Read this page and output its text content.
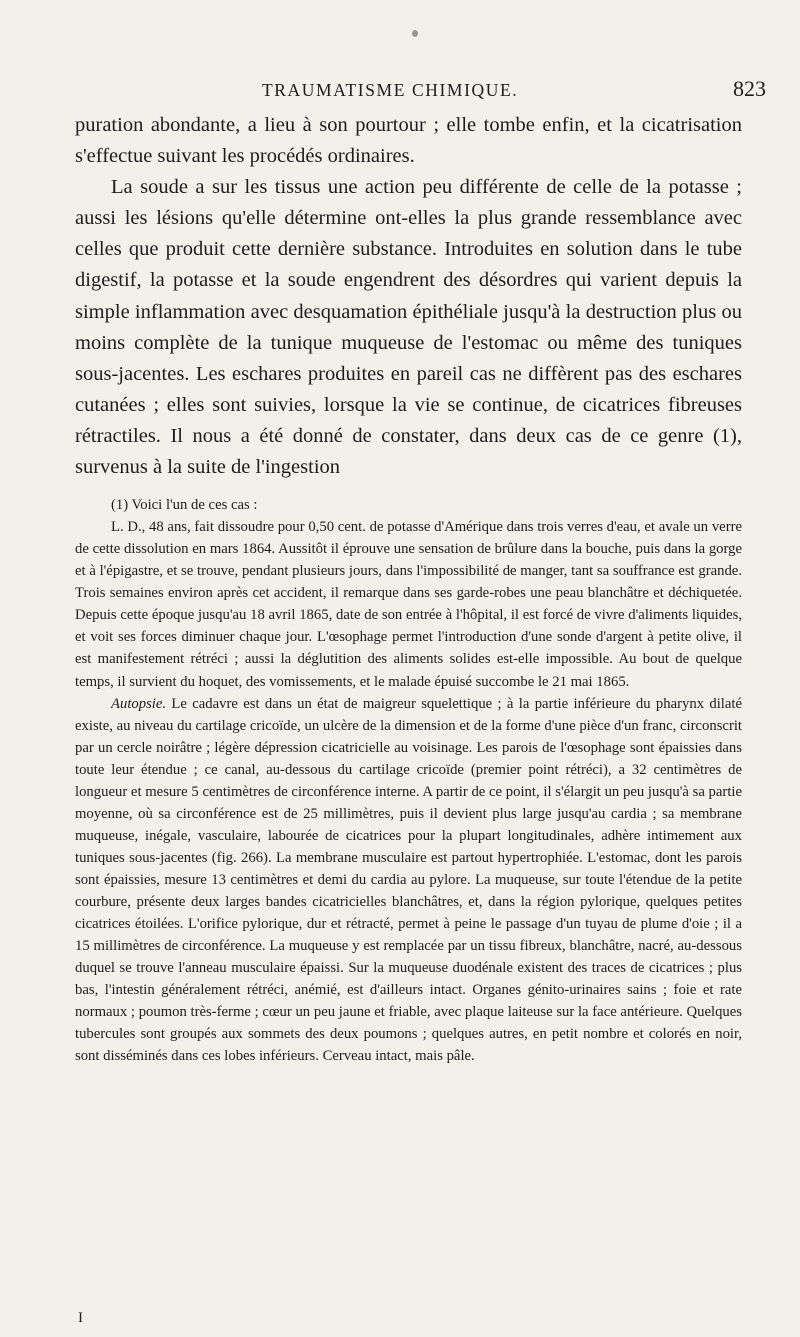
TRAUMATISME CHIMIQUE.	823

puration abondante, a lieu à son pourtour ; elle tombe enfin, et la cicatrisation s'effectue suivant les procédés ordinaires.

La soude a sur les tissus une action peu différente de celle de la potasse ; aussi les lésions qu'elle détermine ont-elles la plus grande ressemblance avec celles que produit cette dernière substance. Introduites en solution dans le tube digestif, la potasse et la soude engendrent des désordres qui varient depuis la simple inflammation avec desquamation épithéliale jusqu'à la destruction plus ou moins complète de la tunique muqueuse de l'estomac ou même des tuniques sous-jacentes. Les eschares produites en pareil cas ne diffèrent pas des eschares cutanées ; elles sont suivies, lorsque la vie se continue, de cicatrices fibreuses rétractiles. Il nous a été donné de constater, dans deux cas de ce genre (1), survenus à la suite de l'ingestion

(1) Voici l'un de ces cas :

L. D., 48 ans, fait dissoudre pour 0,50 cent. de potasse d'Amérique dans trois verres d'eau, et avale un verre de cette dissolution en mars 1864. Aussitôt il éprouve une sensation de brûlure dans la bouche, puis dans la gorge et à l'épigastre, et se trouve, pendant plusieurs jours, dans l'impossibilité de manger, tant sa souffrance est grande. Trois semaines environ après cet accident, il remarque dans ses garde-robes une peau blanchâtre et déchiquetée. Depuis cette époque jusqu'au 18 avril 1865, date de son entrée à l'hôpital, il est forcé de vivre d'aliments liquides, et voit ses forces diminuer chaque jour. L'œsophage permet l'introduction d'une sonde d'argent à petite olive, il est manifestement rétréci ; aussi la déglutition des aliments solides est-elle impossible. Au bout de quelque temps, il survient du hoquet, des vomissements, et le malade épuisé succombe le 21 mai 1865.

Autopsie. Le cadavre est dans un état de maigreur squelettique ; à la partie inférieure du pharynx dilaté existe, au niveau du cartilage cricoïde, un ulcère de la dimension et de la forme d'une pièce d'un franc, circonscrit par un cercle noirâtre ; légère dépression cicatricielle au voisinage. Les parois de l'œsophage sont épaissies dans toute leur étendue ; ce canal, au-dessous du cartilage cricoïde (premier point rétréci), a 32 centimètres de longueur et mesure 5 centimètres de circonférence interne. A partir de ce point, il s'élargit un peu jusqu'à sa partie moyenne, où sa circonférence est de 25 millimètres, puis il devient plus large jusqu'au cardia ; sa membrane muqueuse, inégale, vasculaire, labourée de cicatrices pour la plupart longitudinales, adhère intimement aux tuniques sous-jacentes (fig. 266). La membrane musculaire est partout hypertrophiée. L'estomac, dont les parois sont épaissies, mesure 13 centimètres et demi du cardia au pylore. La muqueuse, sur toute l'étendue de la petite courbure, présente deux larges bandes cicatricielles blanchâtres, et, dans la région pylorique, quelques petites cicatrices étoilées. L'orifice pylorique, dur et rétracté, permet à peine le passage d'un tuyau de plume d'oie ; il a 15 millimètres de circonférence. La muqueuse y est remplacée par un tissu fibreux, blanchâtre, nacré, au-dessous duquel se trouve l'anneau musculaire épaissi. Sur la muqueuse duodénale existent des traces de cicatrices ; plus bas, l'intestin généralement rétréci, anémié, est d'ailleurs intact. Organes génito-urinaires sains ; foie et rate normaux ; poumon très-ferme ; cœur un peu jaune et friable, avec plaque laiteuse sur la face antérieure. Quelques tubercules sont groupés aux sommets des deux poumons ; quelques autres, en petit nombre et colorés en noir, sont disséminés dans ces lobes inférieurs. Cerveau intact, mais pâle.

I
